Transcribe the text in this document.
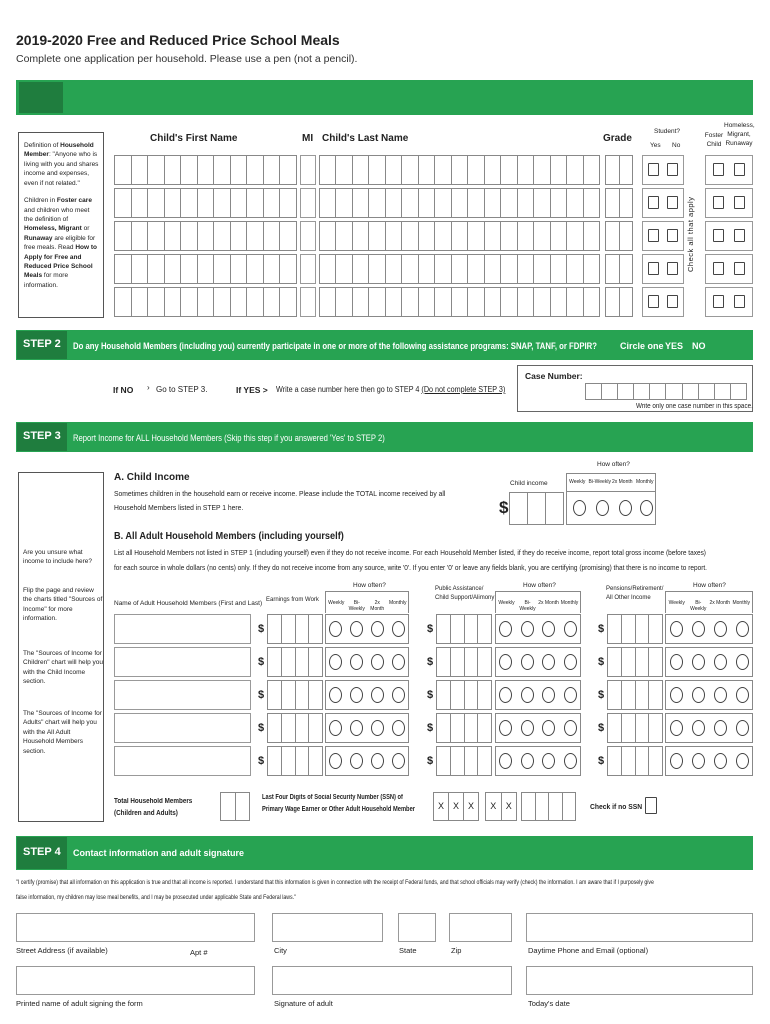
2019-2020 Free and Reduced Price School Meals
Complete one application per household. Please use a pen (not a pencil).
Definition of Household Member: "Anyone who is living with you and shares income and expenses, even if not related."
Children in Foster care and children who meet the definition of Homeless, Migrant or Runaway are eligible for free meals. Read How to Apply for Free and Reduced Price School Meals for more information.
Child's First Name	MI Child's Last Name	Grade
Student?
Yes No
Foster
Child
Homeless,
Migrant,
Runaway
Check all that apply
STEP 2 Do any Household Members (including you) currently participate in one or more of the following assistance programs: SNAP, TANF, or FDPIR?	Circle one YES NO
If NO › Go to STEP 3.	If YES > Write a case number here then go to STEP 4 (Do not complete STEP 3)
Case Number:
Write only one case number in this space.
STEP 3 Report Income for ALL Household Members (Skip this step if you answered 'Yes' to STEP 2)
Are you unsure what income to include here?
Flip the page and review the charts titled "Sources of Income" for more information.
The "Sources of Income for Children" chart will help you with the Child Income section.
The "Sources of Income for Adults" chart will help you with the All Adult Household Members section.
A. Child Income
Sometimes children in the household earn or receive income. Please include the TOTAL income received by all
Household Members listed in STEP 1 here.
Child income
$
How often?
Weekly Bi-Weekly 2x Month Monthly
B. All Adult Household Members (including yourself)
List all Household Members not listed in STEP 1 (including yourself) even if they do not receive income. For each Household Member listed, if they do receive income, report total gross income (before taxes)
for each source in whole dollars (no cents) only. If they do not receive income from any source, write '0'. If you enter '0' or leave any fields blank, you are certifying (promising) that there is no income to report.
Name of Adult Household Members (First and Last) Earnings from Work
Public Assistance/
Child Support/Alimony
Pensions/Retirement/
All Other Income
How often?
Weekly	Bi-Weekly
2x Month
Monthly
How often?
Weekly	Bi-Weekly
2x Month Monthly
How often?
Weekly	Bi-Weekly
2x Month Monthly
$	$	$
$	$	$
$	$	$
$	$	$
$	$	$
Total Household Members
(Children and Adults)
Last Four Digits of Social Security Number (SSN) of
Primary Wage Earner or Other Adult Household Member	X X X	X	X	Check if no SSN
STEP 4 Contact information and adult signature
"I certify (promise) that all information on this application is true and that all income is reported. I understand that this information is given in connection with the receipt of Federal funds, and that school officials may verify (check) the information. I am aware that if I purposely give
false information, my children may lose meal benefits, and I may be prosecuted under applicable State and Federal laws."
Street Address (if available)	Apt #	City	State	Zip	Daytime Phone and Email (optional)
Printed name of adult signing the form	Signature of adult	Today's date
